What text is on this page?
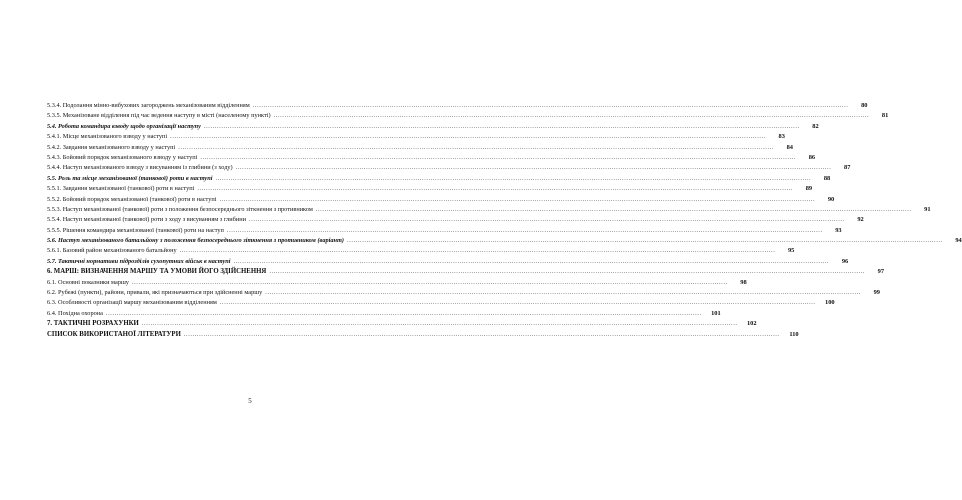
5.3.4. Подолання мінно-вибухових загороджень механізованим відділенням .....	80
5.3.5. Механізоване відділення під час ведення наступу в місті (населеному пункті) .....	81
5.4. Робота командира взводу щодо організації наступу .....	82
5.4.1. Місце механізованого взводу у наступі .....	83
5.4.2. Завдання механізованого взводу у наступі .....	84
5.4.3. Бойовий порядок механізованого взводу у наступі .....	86
5.4.4. Наступ механізованого взводу з висуванням із глибини (з ходу) .....	87
5.5. Роль та місце механізованої (танкової) роти в наступі .....	88
5.5.1. Завдання механізованої (танкової) роти в наступі .....	89
5.5.2. Бойовий порядок механізованої (танкової) роти в наступі .....	90
5.5.3. Наступ механізованої (танкової) роти з положення безпосереднього зіткнення з противником .....	91
5.5.4. Наступ механізованої (танкової) роти з ходу з висуванням з глибини .....	92
5.5.5. Рішення командира механізованої (танкової) роти на наступ .....	93
5.6. Наступ механізованого батальйону з положення безпосереднього зіткнення з противником (варіант) .....	94
5.6.1. Базовий район механізованого батальйону .....	95
5.7. Тактичні нормативи підрозділів сухопутних військ в наступі .....	96
6. МАРШ: ВИЗНАЧЕННЯ МАРШУ ТА УМОВИ ЙОГО ЗДІЙСНЕННЯ .....	97
6.1. Основні показники маршу .....	98
6.2. Рубежі (пункти), райони, привали, які призначаються при здійсненні маршу .....	99
6.3. Особливості організації маршу механізованим відділенням .....	100
6.4. Похідна охорона .....	101
7. ТАКТИЧНІ РОЗРАХУНКИ .....	102
СПИСОК ВИКОРИСТАНОЇ ЛІТЕРАТУРИ .....	110
5
